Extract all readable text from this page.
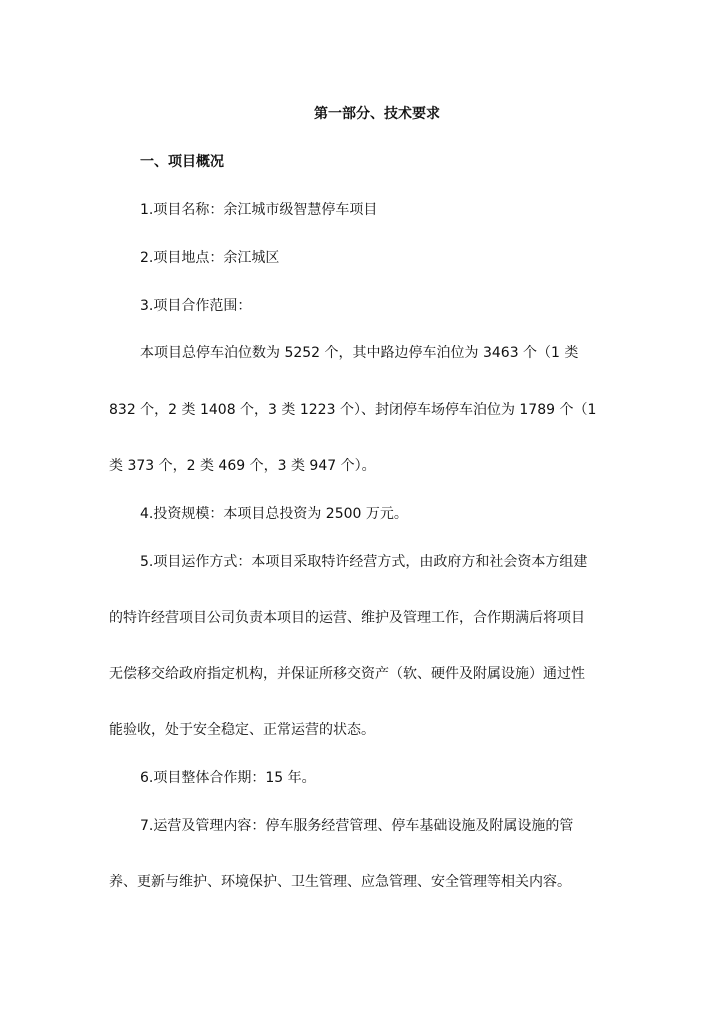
第一部分、技术要求
一、项目概况
1.项目名称：余江城市级智慧停车项目
2.项目地点：余江城区
3.项目合作范围：
本项目总停车泊位数为 5252 个，其中路边停车泊位为 3463 个（1 类
832 个，2 类 1408 个，3 类 1223 个）、封闭停车场停车泊位为 1789 个（1
类 373 个，2 类 469 个，3 类 947 个）。
4.投资规模：本项目总投资为 2500 万元。
5.项目运作方式：本项目采取特许经营方式，由政府方和社会资本方组建
的特许经营项目公司负责本项目的运营、维护及管理工作，合作期满后将项目
无偿移交给政府指定机构，并保证所移交资产（软、硬件及附属设施）通过性
能验收，处于安全稳定、正常运营的状态。
6.项目整体合作期：15 年。
7.运营及管理内容：停车服务经营管理、停车基础设施及附属设施的管
养、更新与维护、环境保护、卫生管理、应急管理、安全管理等相关内容。
